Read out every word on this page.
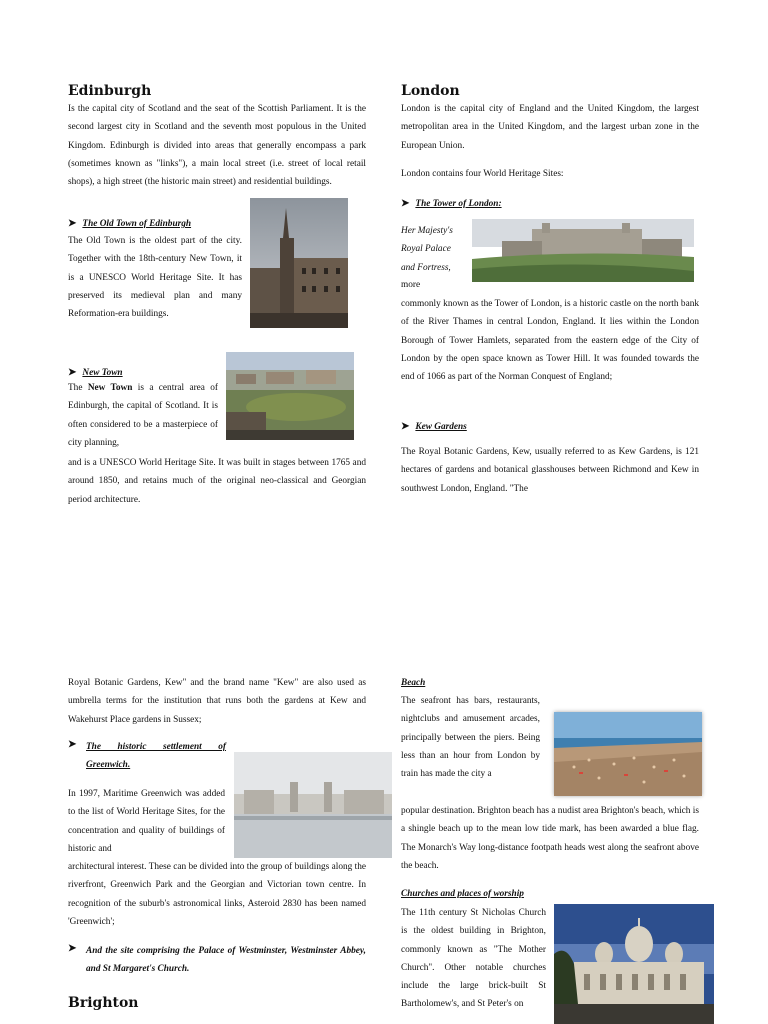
Edinburgh

Is the capital city of Scotland and the seat of the Scottish Parliament. It is the second largest city in Scotland and the seventh most populous in the United Kingdom. Edinburgh is divided into areas that generally encompass a park (sometimes known as "links"), a main local street (i.e. street of local retail shops), a high street (the historic main street) and residential buildings.

➤ The Old Town of Edinburgh

The Old Town is the oldest part of the city. Together with the 18th-century New Town, it is a UNESCO World Heritage Site. It has preserved its medieval plan and many Reformation-era buildings.

➤ New Town

The New Town is a central area of Edinburgh, the capital of Scotland. It is often considered to be a masterpiece of city planning,

and is a UNESCO World Heritage Site. It was built in stages between 1765 and around 1850, and retains much of the original neo-classical and Georgian period architecture.

London

London is the capital city of England and the United Kingdom, the largest metropolitan area in the United Kingdom, and the largest urban zone in the European Union.

London contains four World Heritage Sites:

➤ The Tower of London:

Her Majesty's Royal Palace and Fortress,

more

commonly known as the Tower of London, is a historic castle on the north bank of the River Thames in central London, England. It lies within the London Borough of Tower Hamlets, separated from the eastern edge of the City of London by the open space known as Tower Hill. It was founded towards the end of 1066 as part of the Norman Conquest of England;

➤ Kew Gardens

The Royal Botanic Gardens, Kew, usually referred to as Kew Gardens, is 121 hectares of gardens and botanical glasshouses between Richmond and Kew in southwest London, England. "The

Royal Botanic Gardens, Kew" and the brand name "Kew" are also used as umbrella terms for the institution that runs both the gardens at Kew and Wakehurst Place gardens in Sussex;

➤ The historic settlement of Greenwich.

In 1997, Maritime Greenwich was added to the list of World Heritage Sites, for the concentration and quality of buildings of historic and

architectural interest. These can be divided into the group of buildings along the riverfront, Greenwich Park and the Georgian and Victorian town centre. In recognition of the suburb's astronomical links, Asteroid 2830 has been named 'Greenwich';

➤ And the site comprising the Palace of Westminster, Westminster Abbey, and St Margaret's Church.
Brighton
Beach

The seafront has bars, restaurants, nightclubs and amusement arcades, principally between the piers. Being less than an hour from London by train has made the city a

popular destination. Brighton beach has a nudist area Brighton's beach, which is a shingle beach up to the mean low tide mark, has been awarded a blue flag. The Monarch's Way long-distance footpath heads west along the seafront above the beach.

Churches and places of worship

The 11th century St Nicholas Church is the oldest building in Brighton, commonly known as "The Mother Church". Other notable churches include the large brick-built St Bartholomew's, and St Peter's on
